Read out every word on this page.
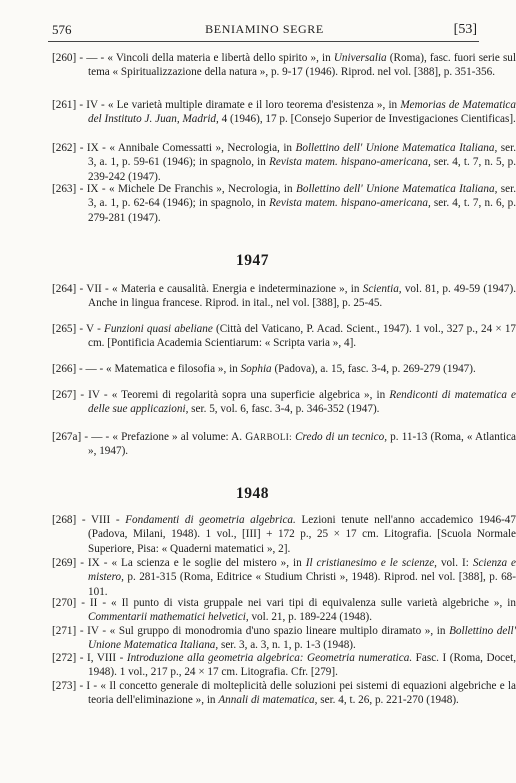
576	BENIAMINO SEGRE	[53]
[260] - — - « Vincoli della materia e libertà dello spirito », in Universalia (Roma), fasc. fuori serie sul tema « Spiritualizzazione della natura », p. 9-17 (1946). Riprod. nel vol. [388], p. 351-356.
[261] - IV - « Le varietà multiple diramate e il loro teorema d'esistenza », in Memorias de Matematica del Instituto J. Juan, Madrid, 4 (1946), 17 p. [Consejo Superior de Investigaciones Cientificas].
[262] - IX - « Annibale Comessatti », Necrologia, in Bollettino dell' Unione Matematica Italiana, ser. 3, a. 1, p. 59-61 (1946); in spagnolo, in Revista matem. hispano-americana, ser. 4, t. 7, n. 5, p. 239-242 (1947).
[263] - IX - « Michele De Franchis », Necrologia, in Bollettino dell' Unione Matematica Italiana, ser. 3, a. 1, p. 62-64 (1946); in spagnolo, in Revista matem. hispano-americana, ser. 4, t. 7, n. 6, p. 279-281 (1947).
1947
[264] - VII - « Materia e causalità. Energia e indeterminazione », in Scientia, vol. 81, p. 49-59 (1947). Anche in lingua francese. Riprod. in ital., nel vol. [388], p. 25-45.
[265] - V - Funzioni quasi abeliane (Città del Vaticano, P. Acad. Scient., 1947). 1 vol., 327 p., 24 × 17 cm. [Pontificia Academia Scientiarum: « Scripta varia », 4].
[266] - — - « Matematica e filosofia », in Sophia (Padova), a. 15, fasc. 3-4, p. 269-279 (1947).
[267] - IV - « Teoremi di regolarità sopra una superficie algebrica », in Rendiconti di matematica e delle sue applicazioni, ser. 5, vol. 6, fasc. 3-4, p. 346-352 (1947).
[267a] - — - « Prefazione » al volume: A. GARBOLI: Credo di un tecnico, p. 11-13 (Roma, « Atlantica », 1947).
1948
[268] - VIII - Fondamenti di geometria algebrica. Lezioni tenute nell'anno accademico 1946-47 (Padova, Milani, 1948). 1 vol., [III] + 172 p., 25 × 17 cm. Litografia. [Scuola Normale Superiore, Pisa: « Quaderni matematici », 2].
[269] - IX - « La scienza e le soglie del mistero », in Il cristianesimo e le scienze, vol. I: Scienza e mistero, p. 281-315 (Roma, Editrice « Studium Christi », 1948). Riprod. nel vol. [388], p. 68-101.
[270] - II - « Il punto di vista gruppale nei vari tipi di equivalenza sulle varietà algebriche », in Commentarii mathematici helvetici, vol. 21, p. 189-224 (1948).
[271] - IV - « Sul gruppo di monodromia d'uno spazio lineare multiplo diramato », in Bollettino dell' Unione Matematica Italiana, ser. 3, a. 3, n. 1, p. 1-3 (1948).
[272] - I, VIII - Introduzione alla geometria algebrica: Geometria numeratica. Fasc. I (Roma, Docet, 1948). 1 vol., 217 p., 24 × 17 cm. Litografia. Cfr. [279].
[273] - I - « Il concetto generale di molteplicità delle soluzioni pei sistemi di equazioni algebriche e la teoria dell'eliminazione », in Annali di matematica, ser. 4, t. 26, p. 221-270 (1948).
